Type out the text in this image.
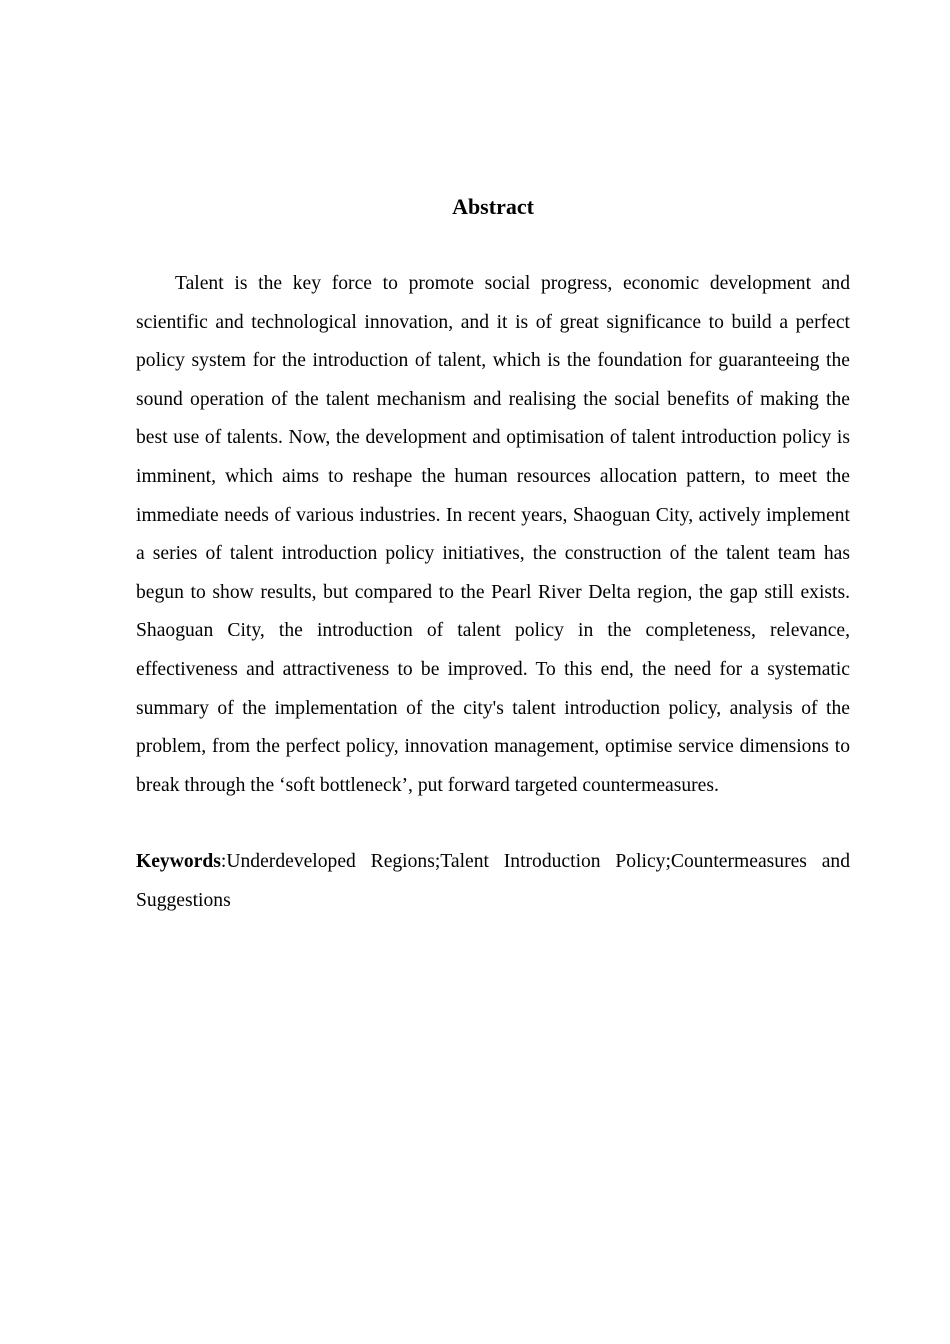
Abstract

Talent is the key force to promote social progress, economic development and scientific and technological innovation, and it is of great significance to build a perfect policy system for the introduction of talent, which is the foundation for guaranteeing the sound operation of the talent mechanism and realising the social benefits of making the best use of talents. Now, the development and optimisation of talent introduction policy is imminent, which aims to reshape the human resources allocation pattern, to meet the immediate needs of various industries. In recent years, Shaoguan City, actively implement a series of talent introduction policy initiatives, the construction of the talent team has begun to show results, but compared to the Pearl River Delta region, the gap still exists. Shaoguan City, the introduction of talent policy in the completeness, relevance, effectiveness and attractiveness to be improved. To this end, the need for a systematic summary of the implementation of the city's talent introduction policy, analysis of the problem, from the perfect policy, innovation management, optimise service dimensions to break through the ‘soft bottleneck’, put forward targeted countermeasures.

Keywords:Underdeveloped Regions;Talent Introduction Policy;Countermeasures and Suggestions
